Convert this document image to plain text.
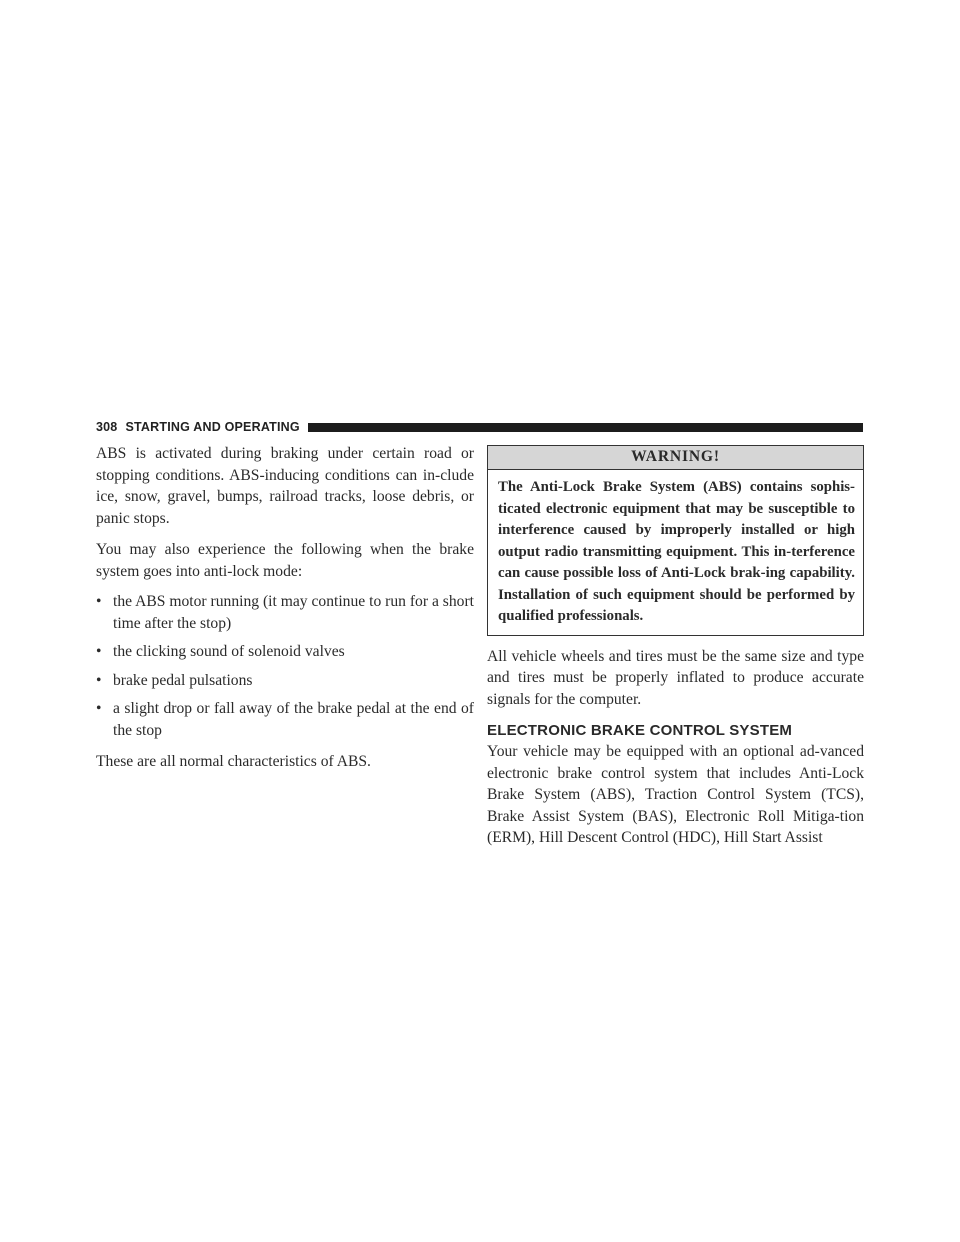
308 STARTING AND OPERATING

ABS is activated during braking under certain road or stopping conditions. ABS-inducing conditions can in-clude ice, snow, gravel, bumps, railroad tracks, loose debris, or panic stops.

You may also experience the following when the brake system goes into anti-lock mode:

• the ABS motor running (it may continue to run for a short time after the stop)
• the clicking sound of solenoid valves
• brake pedal pulsations
• a slight drop or fall away of the brake pedal at the end of the stop

These are all normal characteristics of ABS.

WARNING!
The Anti-Lock Brake System (ABS) contains sophis-ticated electronic equipment that may be susceptible to interference caused by improperly installed or high output radio transmitting equipment. This in-terference can cause possible loss of Anti-Lock brak-ing capability. Installation of such equipment should be performed by qualified professionals.

All vehicle wheels and tires must be the same size and type and tires must be properly inflated to produce accurate signals for the computer.

ELECTRONIC BRAKE CONTROL SYSTEM

Your vehicle may be equipped with an optional ad-vanced electronic brake control system that includes Anti-Lock Brake System (ABS), Traction Control System (TCS), Brake Assist System (BAS), Electronic Roll Mitiga-tion (ERM), Hill Descent Control (HDC), Hill Start Assist
